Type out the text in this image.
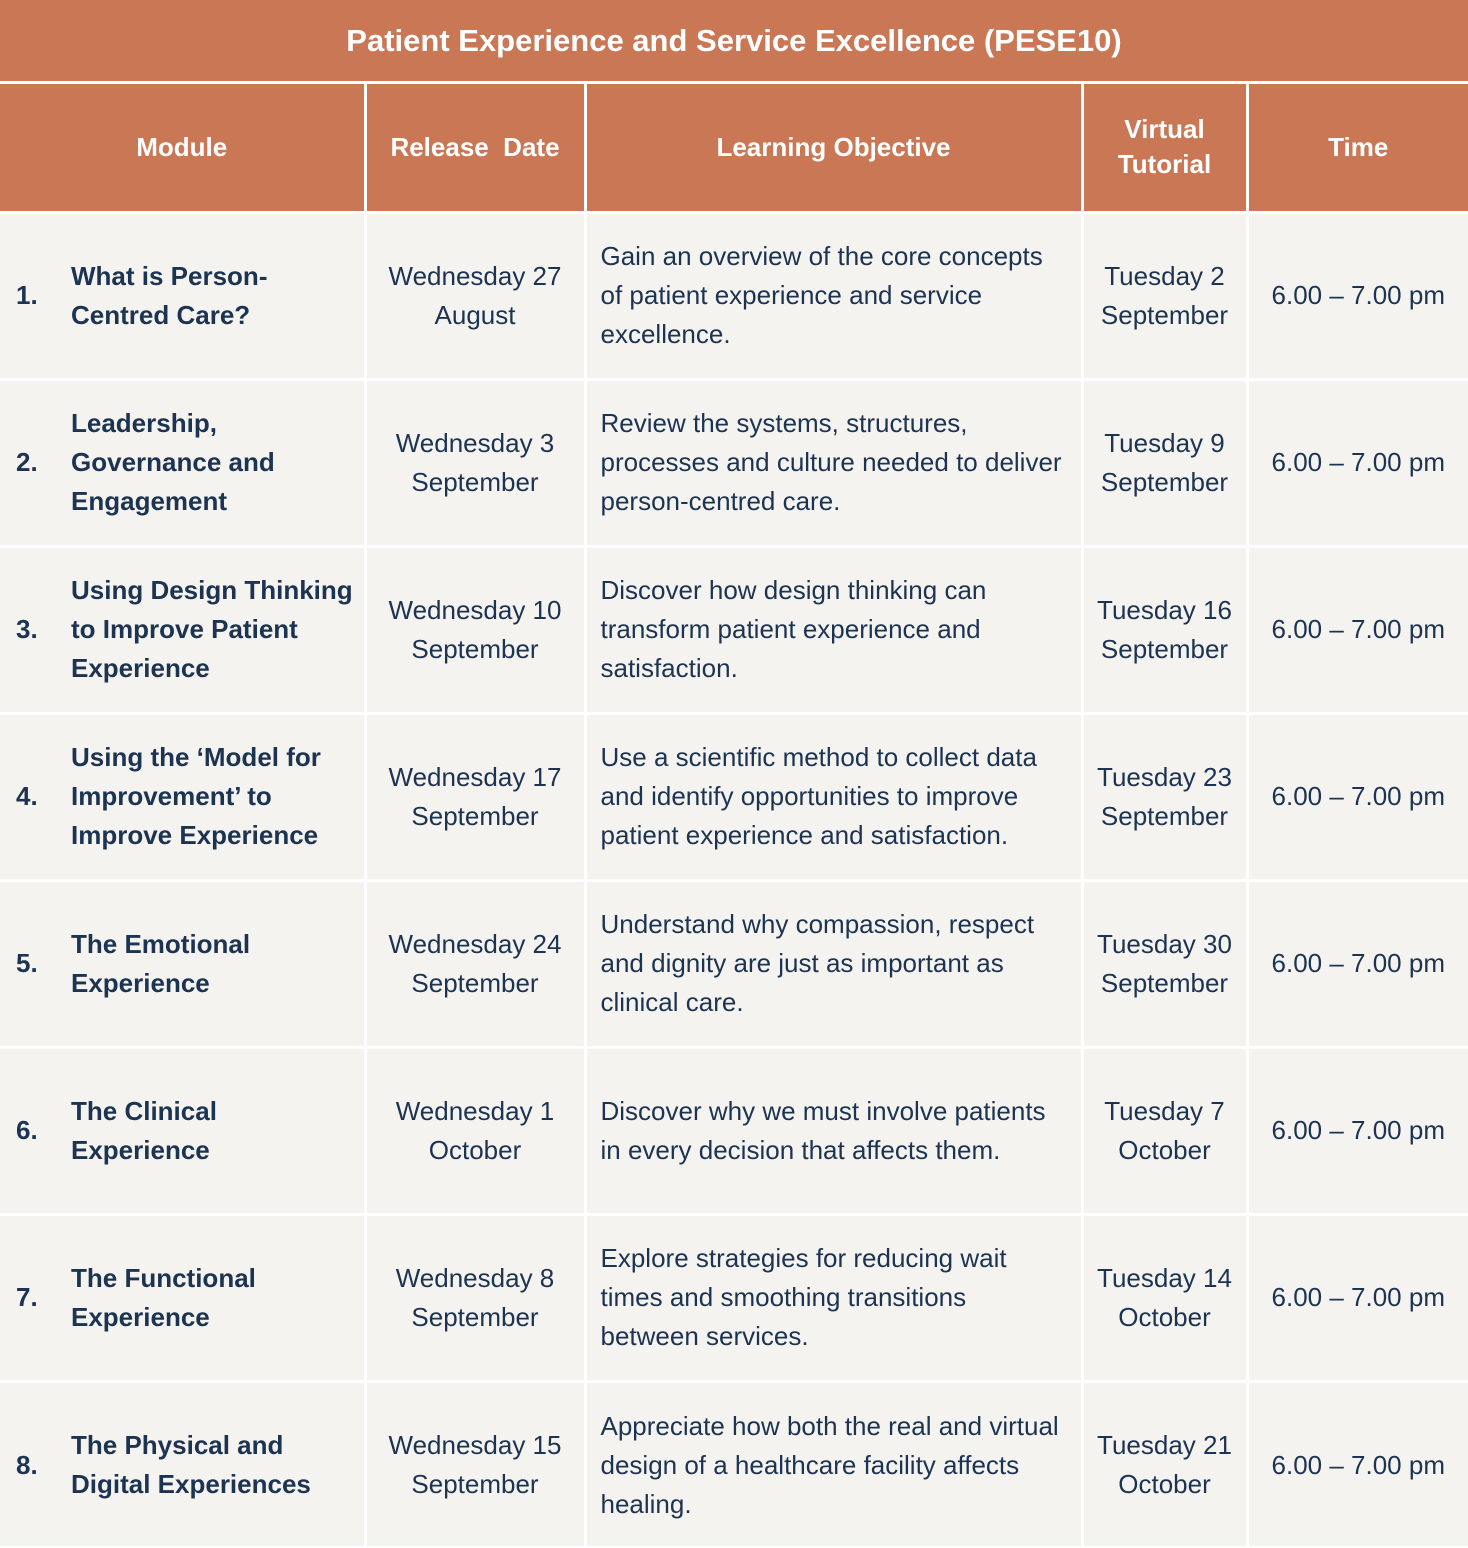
Patient Experience and Service Excellence (PESE10)
Module	Release  Date	Learning Objective	Virtual
Tutorial	Time

1.
What is Person-
Centred Care?	Wednesday 27
August	Gain an overview of the core concepts of patient experience and service excellence.	Tuesday 2
September	6.00 – 7.00 pm

2.
Leadership,
Governance and
Engagement	Wednesday 3
September	Review the systems, structures, processes and culture needed to deliver person-centred care.	Tuesday 9
September	6.00 – 7.00 pm

3.
Using Design Thinking
to Improve Patient
Experience	Wednesday 10
September	Discover how design thinking can transform patient experience and satisfaction.	Tuesday 16
September	6.00 – 7.00 pm

4.
Using the ‘Model for
Improvement’ to
Improve Experience	Wednesday 17
September	Use a scientific method to collect data and identify opportunities to improve patient experience and satisfaction.	Tuesday 23
September	6.00 – 7.00 pm

5.
The Emotional
Experience	Wednesday 24
September	Understand why compassion, respect and dignity are just as important as clinical care.	Tuesday 30
September	6.00 – 7.00 pm

6.
The Clinical
Experience	Wednesday 1
October	Discover why we must involve patients in every decision that affects them.	Tuesday 7
October	6.00 – 7.00 pm

7.
The Functional
Experience	Wednesday 8
September	Explore strategies for reducing wait times and smoothing transitions between services.	Tuesday 14
October	6.00 – 7.00 pm

8.
The Physical and
Digital Experiences	Wednesday 15
September	Appreciate how both the real and virtual design of a healthcare facility affects healing.	Tuesday 21
October	6.00 – 7.00 pm
